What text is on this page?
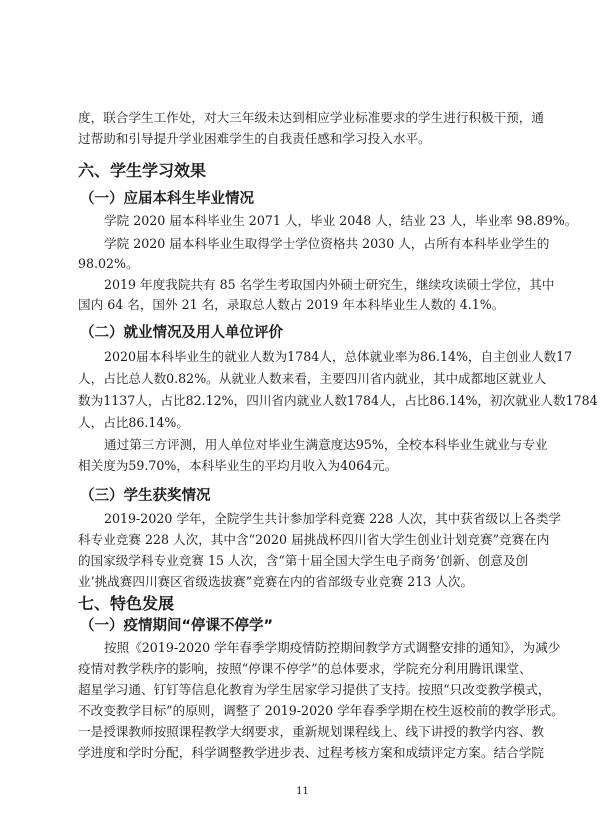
度，联合学生工作处，对大三年级未达到相应学业标准要求的学生进行积极干预，通
过帮助和引导提升学业困难学生的自我责任感和学习投入水平。
六、学生学习效果
（一）应届本科生毕业情况
学院 2020 届本科毕业生 2071 人，毕业 2048 人，结业 23 人，毕业率 98.89%。
学院 2020 届本科毕业生取得学士学位资格共 2030 人，占所有本科毕业学生的
98.02%。
2019 年度我院共有 85 名学生考取国内外硕士研究生，继续攻读硕士学位，其中
国内 64 名，国外 21 名，录取总人数占 2019 年本科毕业生人数的 4.1%。
（二）就业情况及用人单位评价
2020届本科毕业生的就业人数为1784人，总体就业率为86.14%，自主创业人数17
人，占比总人数0.82%。从就业人数来看，主要四川省内就业，其中成都地区就业人
数为1137人，占比82.12%，四川省内就业人数1784人，占比86.14%，初次就业人数1784
人，占比86.14%。
通过第三方评测，用人单位对毕业生满意度达95%，全校本科毕业生就业与专业
相关度为59.70%，本科毕业生的平均月收入为4064元。
（三）学生获奖情况
2019-2020 学年，全院学生共计参加学科竞赛 228 人次，其中获省级以上各类学
科专业竞赛 228 人次，其中含“2020 届挑战杯四川省大学生创业计划竞赛”竞赛在内
的国家级学科专业竞赛 15 人次，含“第十届全国大学生电子商务‘创新、创意及创
业’挑战赛四川赛区省级选拔赛”竞赛在内的省部级专业竞赛 213 人次。
七、特色发展
（一）疫情期间“停课不停学”
按照《2019-2020 学年春季学期疫情防控期间教学方式调整安排的通知》，为减少
疫情对教学秩序的影响，按照“停课不停学”的总体要求，学院充分利用腾讯课堂、
超星学习通、钉钉等信息化教育为学生居家学习提供了支持。按照“只改变教学模式，
不改变教学目标”的原则，调整了 2019-2020 学年春季学期在校生返校前的教学形式。
一是授课教师按照课程教学大纲要求，重新规划课程线上、线下讲授的教学内容、教
学进度和学时分配，科学调整教学进步表、过程考核方案和成绩评定方案。结合学院
11
